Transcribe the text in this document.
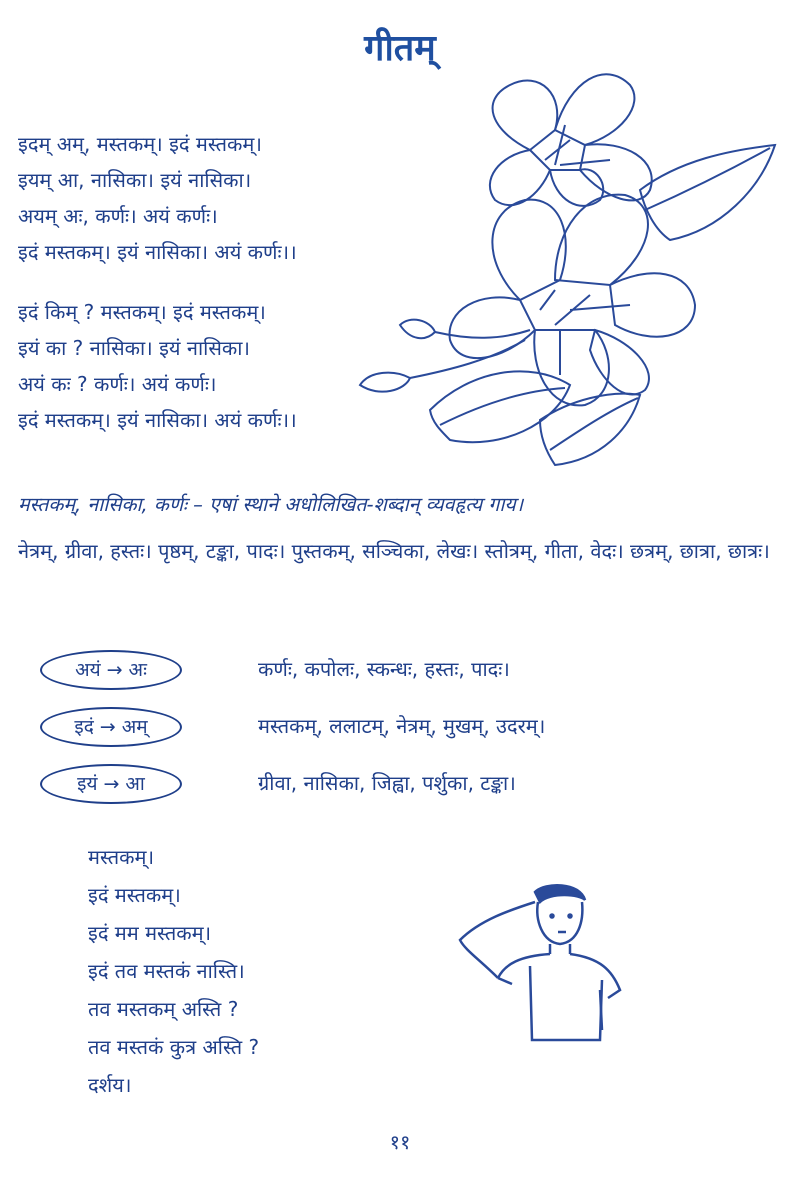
गीतम्
इदम् अम्, मस्तकम्। इदं मस्तकम्।
इयम् आ, नासिका। इयं नासिका।
अयम् अः, कर्णः। अयं कर्णः।
इदं मस्तकम्। इयं नासिका। अयं कर्णः।।
इदं किम् ? मस्तकम्। इदं मस्तकम्।
इयं का ? नासिका। इयं नासिका।
अयं कः ? कर्णः। अयं कर्णः।
इदं मस्तकम्। इयं नासिका। अयं कर्णः।।
मस्तकम्, नासिका, कर्णः – एषां स्थाने अधोलिखित-शब्दान् व्यवहृत्य गाय।
नेत्रम्, ग्रीवा, हस्तः। पृष्ठम्, टङ्का, पादः। पुस्तकम्, सञ्चिका, लेखः। स्तोत्रम्, गीता, वेदः। छत्रम्, छात्रा, छात्रः।
अयं → अः	कर्णः, कपोलः, स्कन्धः, हस्तः, पादः।
इदं → अम्	मस्तकम्, ललाटम्, नेत्रम्, मुखम्, उदरम्।
इयं → आ	ग्रीवा, नासिका, जिह्वा, पर्शुका, टङ्का।
मस्तकम्।
इदं मस्तकम्।
इदं मम मस्तकम्।
इदं तव मस्तकं नास्ति।
तव मस्तकम् अस्ति ?
तव मस्तकं कुत्र अस्ति ?
दर्शय।
११
